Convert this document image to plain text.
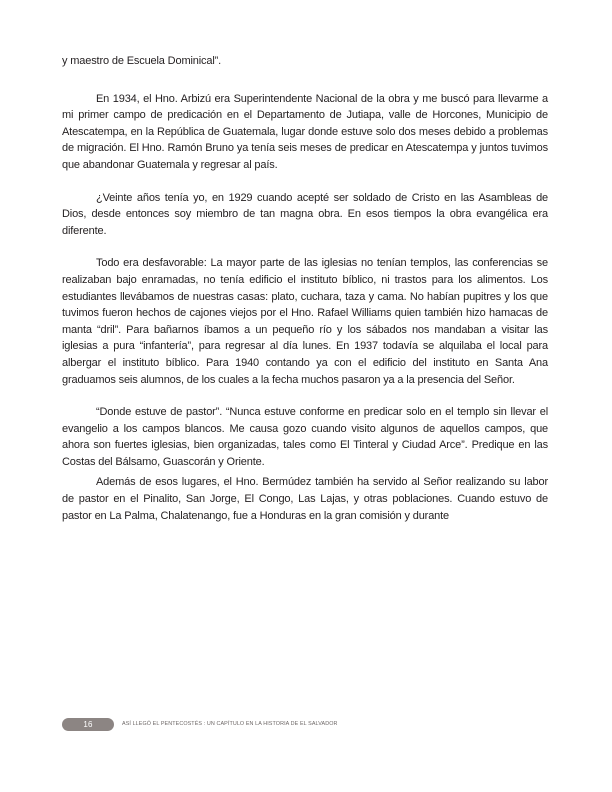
y maestro de Escuela Dominical”.

En 1934, el Hno. Arbizú era Superintendente Nacional de la obra y me buscó para llevarme a mi primer campo de predicación en el Departamento de Jutiapa, valle de Horcones, Municipio de Atescatempa, en la República de Guatemala, lugar donde estuve solo dos meses debido a problemas de migración. El Hno. Ramón Bruno ya tenía seis meses de predicar en Atescatempa y juntos tuvimos que abandonar Guatemala y regresar al país.

¿Veinte años tenía yo, en 1929 cuando acepté ser soldado de Cristo en las Asambleas de Dios, desde entonces soy miembro de tan magna obra. En esos tiempos la obra evangélica era diferente.

Todo era desfavorable: La mayor parte de las iglesias no tenían templos, las conferencias se realizaban bajo enramadas, no tenía edificio el instituto bíblico, ni trastos para los alimentos. Los estudiantes llevábamos de nuestras casas: plato, cuchara, taza y cama. No habían pupitres y los que tuvimos fueron hechos de cajones viejos por el Hno. Rafael Williams quien también hizo hamacas de manta “dril”. Para bañarnos íbamos a un pequeño río y los sábados nos mandaban a visitar las iglesias a pura “infantería”, para regresar al día lunes. En 1937 todavía se alquilaba el local para albergar el instituto bíblico. Para 1940 contando ya con el edificio del instituto en Santa Ana graduamos seis alumnos, de los cuales a la fecha muchos pasaron ya a la presencia del Señor.

“Donde estuve de pastor”. “Nunca estuve conforme en predicar solo en el templo sin llevar el evangelio a los campos blancos. Me causa gozo cuando visito algunos de aquellos campos, que ahora son fuertes iglesias, bien organizadas, tales como El Tinteral y Ciudad Arce”. Predique en las Costas del Bálsamo, Guascorán y Oriente.

Además de esos lugares, el Hno. Bermúdez también ha servido al Señor realizando su labor de pastor en el Pinalito, San Jorge, El Congo, Las Lajas, y otras poblaciones. Cuando estuvo de pastor en La Palma, Chalatenango, fue a Honduras en la gran comisión y durante

16	ASÍ LLEGÓ EL PENTECOSTÉS : UN CAPÍTULO EN LA HISTORIA DE EL SALVADOR
